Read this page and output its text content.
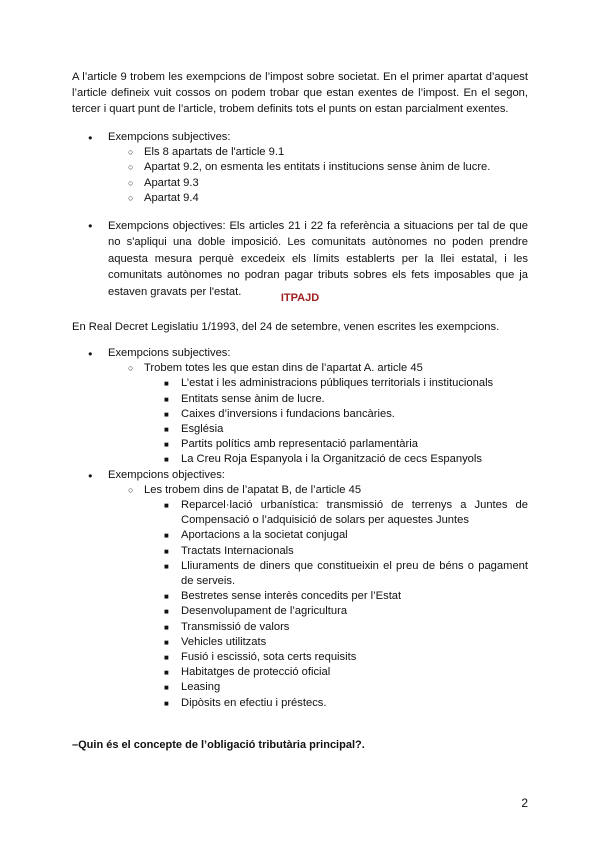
A l’article 9 trobem les exempcions de l’impost sobre societat. En el primer apartat d’aquest l’article defineix vuit cossos on podem trobar que estan exentes de l’impost. En el segon, tercer i quart punt de l’article, trobem definits tots el punts on estan parcialment exentes.

● Exempcions subjectives:
○ Els 8 apartats de l'article 9.1
○ Apartat 9.2, on esmenta les entitats i institucions sense ànim de lucre.
○ Apartat 9.3
○ Apartat 9.4
● Exempcions objectives: Els articles 21 i 22 fa referència a situacions per tal de que no s'apliqui una doble imposició. Les comunitats autònomes no poden prendre aquesta mesura perquè excedeix els límits establerts per la llei estatal, i les comunitats autònomes no podran pagar tributs sobres els fets imposables que ja estaven gravats per l'estat.
ITPAJD

En Real Decret Legislatiu 1/1993, del 24 de setembre, venen escrites les exempcions.

● Exempcions subjectives:
○ Trobem totes les que estan dins de l’apartat A. article 45
■ L’estat i les administracions públiques territorials i institucionals
■ Entitats sense ànim de lucre.
■ Caixes d’inversions i fundacions bancàries.
■ Església
■ Partits polítics amb representació parlamentària
■ La Creu Roja Espanyola i la Organització de cecs Espanyols
● Exempcions objectives:
○ Les trobem dins de l’apatat B, de l’article 45
■ Reparcel·lació urbanística: transmissió de terrenys a Juntes de Compensació o l’adquisició de solars per aquestes Juntes
■ Aportacions a la societat conjugal
■ Tractats Internacionals
■ Lliuraments de diners que constitueixin el preu de béns o pagament de serveis.
■ Bestretes sense interès concedits per l’Estat
■ Desenvolupament de l’agricultura
■ Transmissió de valors
■ Vehicles utilitzats
■ Fusió i escissió, sota certs requisits
■ Habitatges de protecció oficial
■ Leasing
■ Dipòsits en efectiu i préstecs.
–Quin és el concepte de l’obligació tributària principal?.
2
